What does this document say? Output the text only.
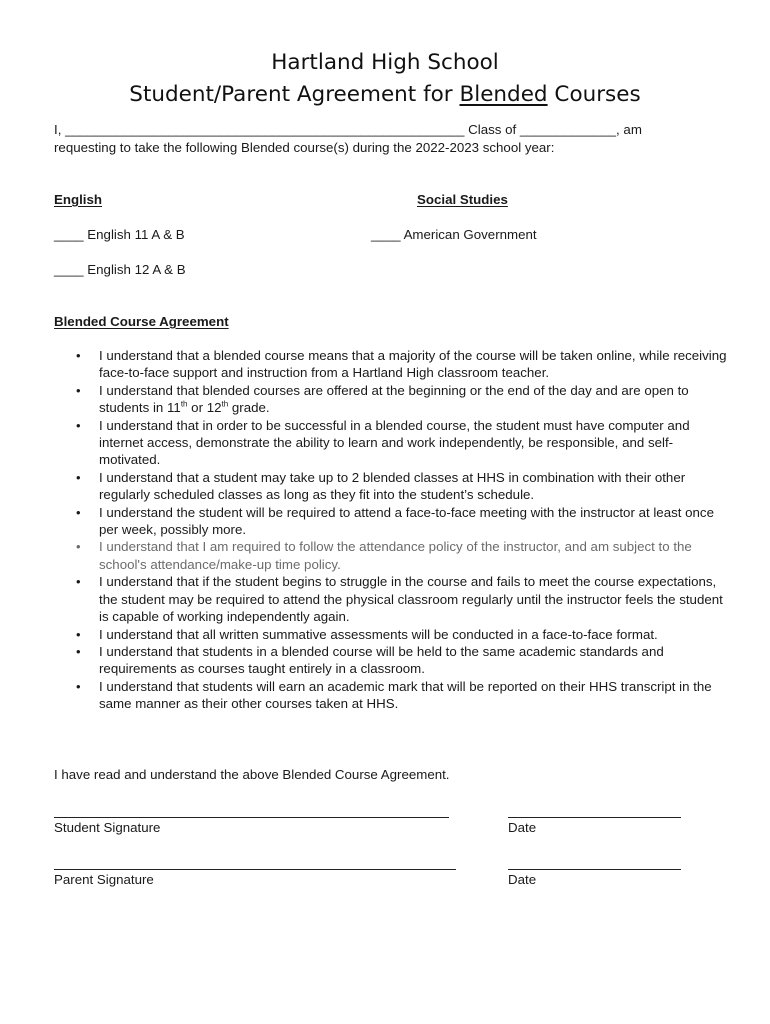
Hartland High School
Student/Parent Agreement for Blended Courses
I, ______________________________________________________ Class of _____________, am
requesting to take the following Blended course(s) during the 2022-2023 school year:
English	Social Studies
____ English 11 A & B	____ American Government
____ English 12 A & B
Blended Course Agreement
• I understand that a blended course means that a majority of the course will be taken online, while receiving face-to-face support and instruction from a Hartland High classroom teacher.
• I understand that blended courses are offered at the beginning or the end of the day and are open to students in 11th or 12th grade.
• I understand that in order to be successful in a blended course, the student must have computer and internet access, demonstrate the ability to learn and work independently, be responsible, and self-motivated.
• I understand that a student may take up to 2 blended classes at HHS in combination with their other regularly scheduled classes as long as they fit into the student’s schedule.
• I understand the student will be required to attend a face-to-face meeting with the instructor at least once per week, possibly more.
• I understand that I am required to follow the attendance policy of the instructor, and am subject to the school's attendance/make-up time policy.
• I understand that if the student begins to struggle in the course and fails to meet the course expectations, the student may be required to attend the physical classroom regularly until the instructor feels the student is capable of working independently again.
• I understand that all written summative assessments will be conducted in a face-to-face format.
• I understand that students in a blended course will be held to the same academic standards and requirements as courses taught entirely in a classroom.
• I understand that students will earn an academic mark that will be reported on their HHS transcript in the same manner as their other courses taken at HHS.
I have read and understand the above Blended Course Agreement.
Student Signature	Date
Parent Signature	Date
